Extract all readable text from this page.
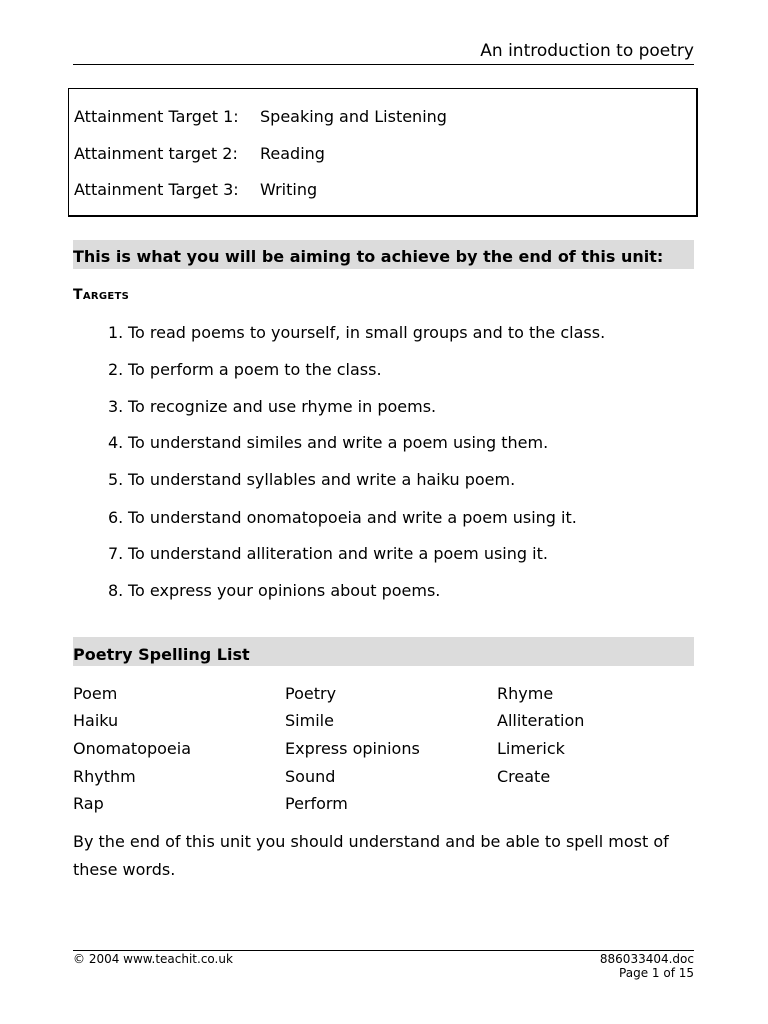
An introduction to poetry
Attainment Target 1: Speaking and Listening
Attainment target 2: Reading
Attainment Target 3: Writing
This is what you will be aiming to achieve by the end of this unit:
Targets
1. To read poems to yourself, in small groups and to the class.
2. To perform a poem to the class.
3. To recognize and use rhyme in poems.
4. To understand similes and write a poem using them.
5. To understand syllables and write a haiku poem.
6. To understand onomatopoeia and write a poem using it.
7. To understand alliteration and write a poem using it.
8. To express your opinions about poems.
Poetry Spelling List
Poem
Haiku
Onomatopoeia
Rhythm
Rap
Poetry
Simile
Express opinions
Sound
Perform
Rhyme
Alliteration
Limerick
Create
By the end of this unit you should understand and be able to spell most of these words.
© 2004 www.teachit.co.uk	886033404.doc
Page 1 of 15
